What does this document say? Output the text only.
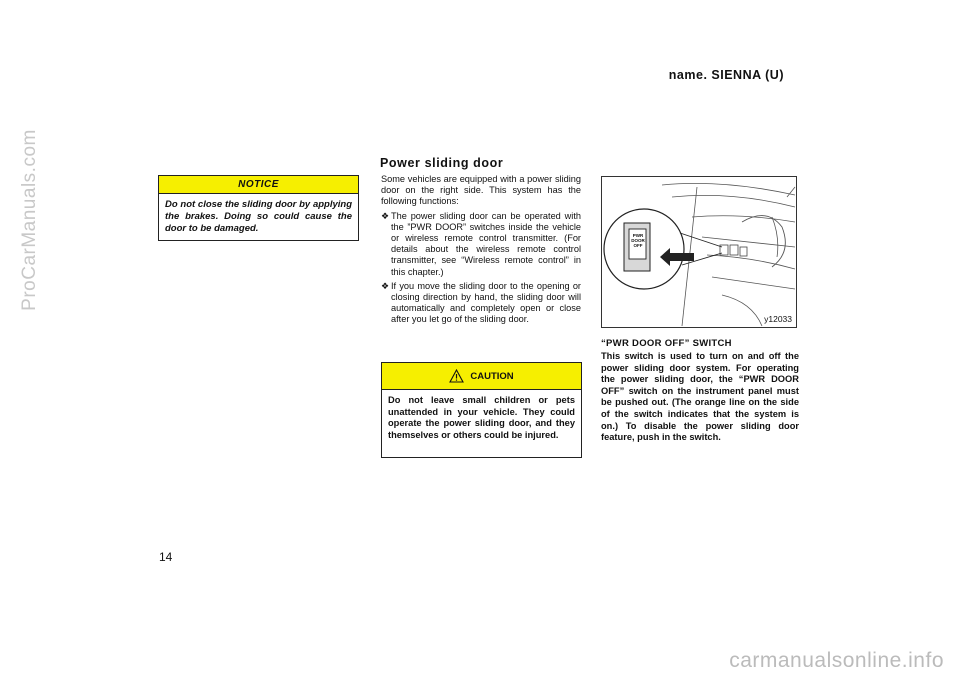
ProCarManuals.com
name. SIENNA (U)
NOTICE
Do not close the sliding door by applying the brakes. Doing so could cause the door to be damaged.
Power sliding door

Some vehicles are equipped with a power sliding door on the right side. This system has the following functions:

❖ The power sliding door can be operated with the ”PWR DOOR” switches inside the vehicle or wireless remote control transmitter. (For details about the wireless remote control transmitter, see “Wireless remote control” in this chapter.)
❖ If you move the sliding door to the opening or closing direction by hand, the sliding door will automatically and completely open or close after you let go of the sliding door.
CAUTION
Do not leave small children or pets unattended in your vehicle. They could operate the power sliding door, and they themselves or others could be injured.
PWR
DOOR
OFF
y12033
“PWR DOOR OFF” SWITCH
This switch is used to turn on and off the power sliding door system. For operating the power sliding door, the “PWR DOOR OFF” switch on the instrument panel must be pushed out. (The orange line on the side of the switch indicates that the system is on.) To disable the power sliding door feature, push in the switch.
14
carmanualsonline.info
